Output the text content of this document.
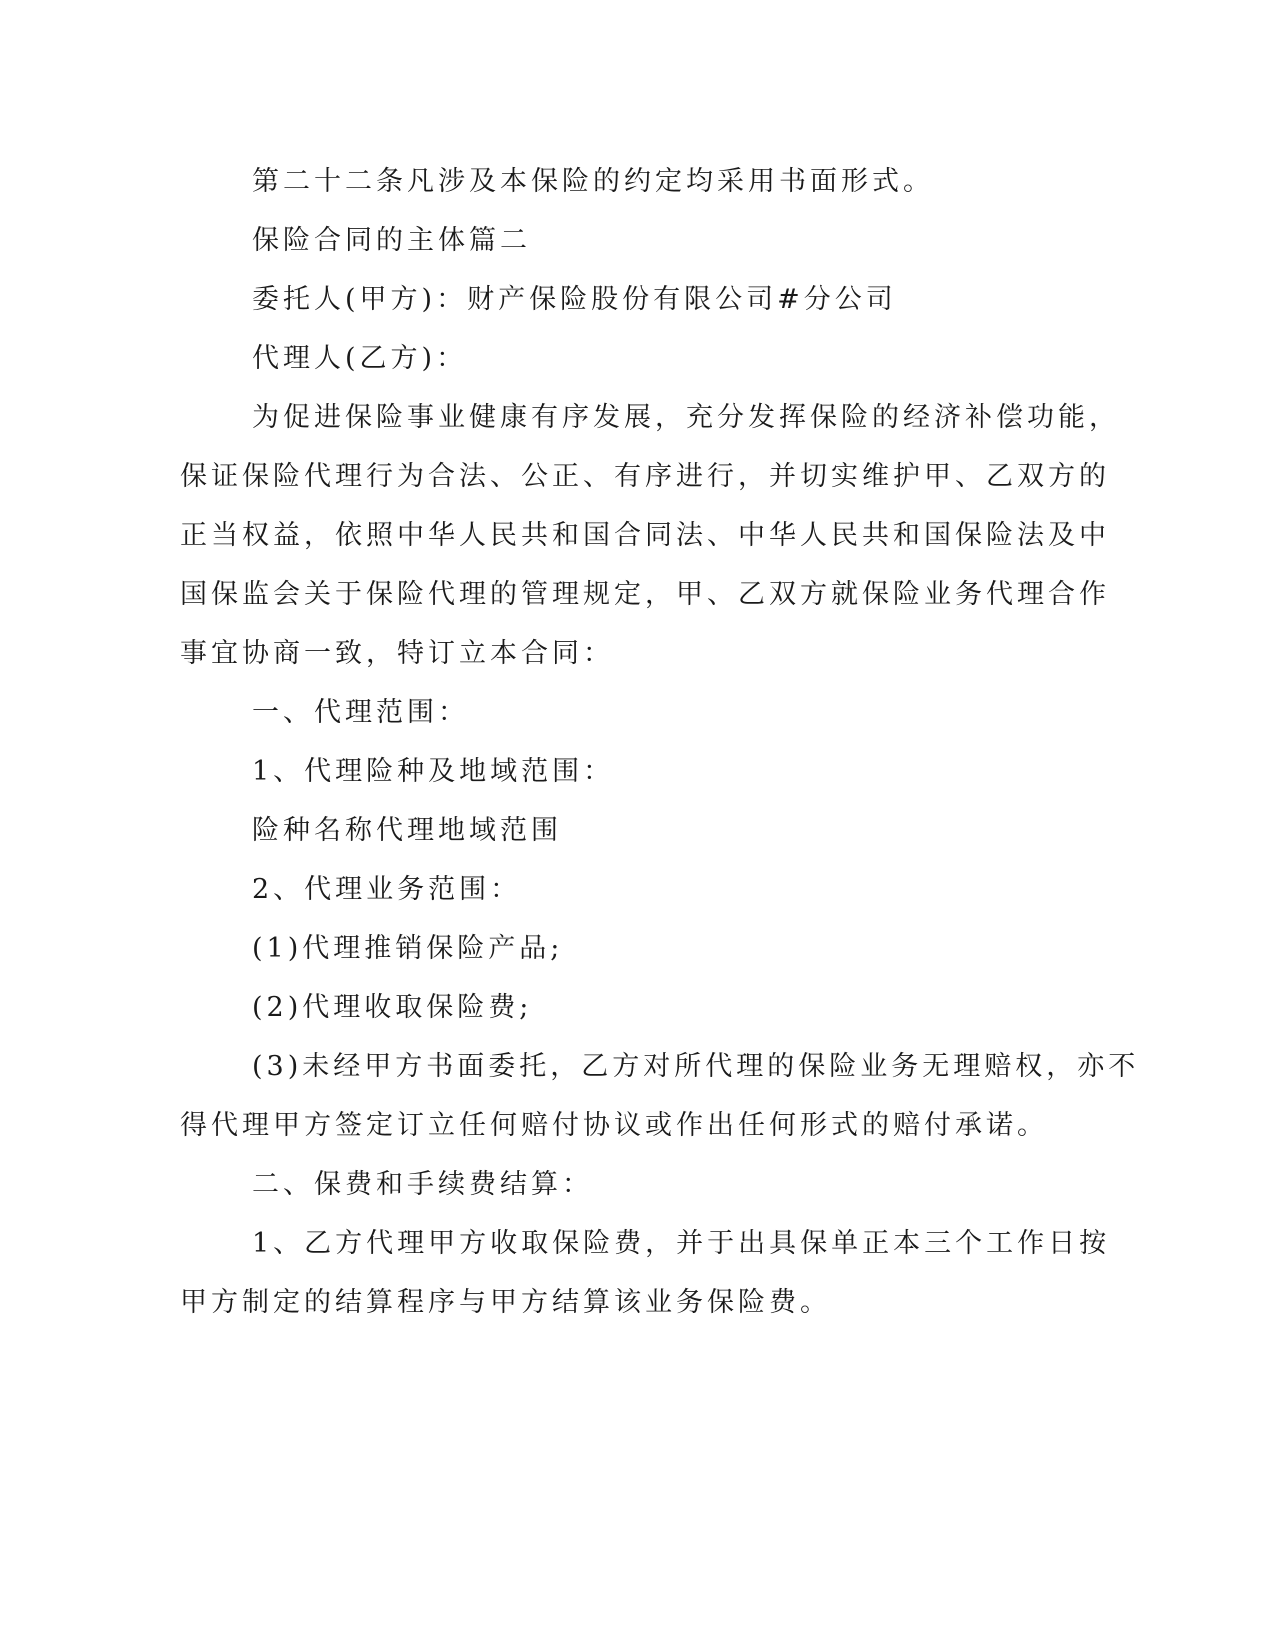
第二十二条凡涉及本保险的约定均采用书面形式。
保险合同的主体篇二
委托人(甲方)：财产保险股份有限公司#分公司
代理人(乙方)：
为促进保险事业健康有序发展，充分发挥保险的经济补偿功能，
保证保险代理行为合法、公正、有序进行，并切实维护甲、乙双方的
正当权益，依照中华人民共和国合同法、中华人民共和国保险法及中
国保监会关于保险代理的管理规定，甲、乙双方就保险业务代理合作
事宜协商一致，特订立本合同：
一、代理范围：
1、代理险种及地域范围：
险种名称代理地域范围
2、代理业务范围：
(1)代理推销保险产品;
(2)代理收取保险费;
(3)未经甲方书面委托，乙方对所代理的保险业务无理赔权，亦不
得代理甲方签定订立任何赔付协议或作出任何形式的赔付承诺。
二、保费和手续费结算：
1、乙方代理甲方收取保险费，并于出具保单正本三个工作日按
甲方制定的结算程序与甲方结算该业务保险费。
